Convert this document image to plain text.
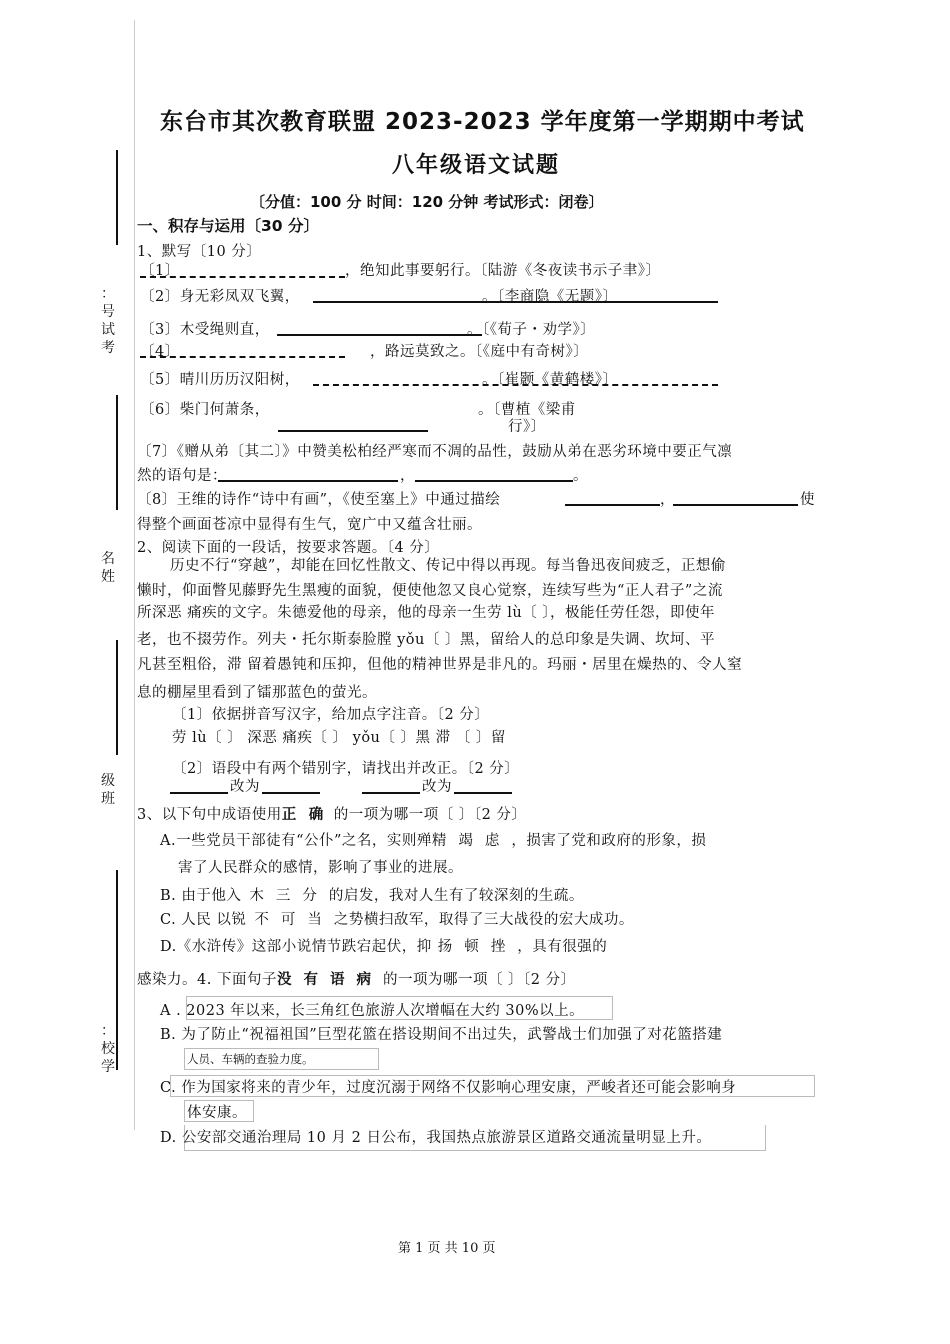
：号试考
名姓
级班
：校学
东台市其次教育联盟 2023-2023 学年度第一学期期中考试
八年级语文试题
〔分值：100 分 时间：120 分钟 考试形式：闭卷〕
一、积存与运用〔30 分〕
1、默写〔10 分〕
〔1〕	，绝知此事要躬行。〔陆游《冬夜读书示子聿》〕
〔2〕身无彩凤双飞翼，	。〔李商隐《无题》〕
〔3〕木受绳则直，	。〔《荀子・劝学》〕
〔4〕	，路远莫致之。〔《庭中有奇树》〕
〔5〕晴川历历汉阳树，	。〔崔颢《黄鹤楼》〕
〔6〕柴门何萧条，	。〔曹植《梁甫
行》〕
〔7〕《赠从弟〔其二〕》中赞美松柏经严寒而不凋的品性，鼓励从弟在恶劣环境中要正气凛
然的语句是：	，	。
〔8〕王维的诗作“诗中有画”，《使至塞上》中通过描绘	，	使
得整个画面苍凉中显得有生气，宽广中又蕴含壮丽。
2、阅读下面的一段话，按要求答题。〔4 分〕
历史不行“穿越”，却能在回忆性散文、传记中得以再现。每当鲁迅夜间疲乏，正想偷
懒时，仰面瞥见藤野先生黑瘦的面貌，便使他忽又良心觉察，连续写些为“正人君子”之流
所深恶 痛疾的文字。朱德爱他的母亲，他的母亲一生劳 lù〔 〕，极能任劳任怨，即使年
老，也不掇劳作。列夫・托尔斯泰脸膛 yǒu〔 〕黑，留给人的总印象是失调、坎坷、平
凡甚至粗俗，滞 留着愚钝和压抑，但他的精神世界是非凡的。玛丽・居里在燥热的、令人窒
息的棚屋里看到了镭那蓝色的萤光。
〔1〕依据拼音写汉字，给加点字注音。〔2 分〕
劳 lù〔 〕 深恶 痛疾〔 〕 yǒu〔 〕黑 滞 〔 〕留
〔2〕语段中有两个错别字，请找出并改正。〔2 分〕
改为	改为
3、以下句中成语使用正 确 的一项为哪一项〔 〕〔2 分〕
A.一些党员干部徒有“公仆”之名，实则殚精竭虑，损害了党和政府的形象，损
害了人民群众的感情，影响了事业的进展。
B. 由于他入 木三分的启发，我对人生有了较深刻的生疏。
C. 人民 以锐 不可当之势横扫敌军，取得了三大战役的宏大成功。
D.《水浒传》这部小说情节跌宕起伏，抑 扬顿挫，具有很强的
感染力。4. 下面句子没有语病的一项为哪一项〔 〕〔2 分〕
A . 2023 年以来，长三角红色旅游人次增幅在大约 30%以上。
B. 为了防止“祝福祖国”巨型花篮在搭设期间不出过失，武警战士们加强了对花篮搭建
人员、车辆的查验力度。
C. 作为国家将来的青少年，过度沉溺于网络不仅影响心理安康，严峻者还可能会影响身
体安康。
D. 公安部交通治理局 10 月 2 日公布，我国热点旅游景区道路交通流量明显上升。
第 1 页 共 10 页
